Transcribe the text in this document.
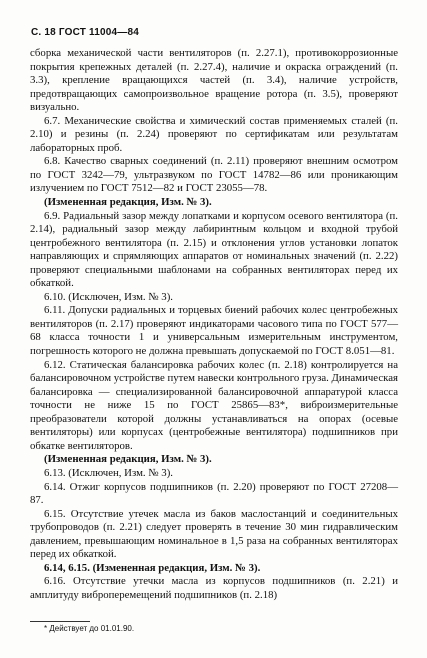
С. 18 ГОСТ 11004—84

сборка механической части вентиляторов (п. 2.27.1), противокоррозионные покрытия крепежных деталей (п. 2.27.4), наличие и окраска ограждений (п. 3.3), крепление вращающихся частей (п. 3.4), наличие устройств, предотвращающих самопроизвольное вращение ротора (п. 3.5), проверяют визуально.

6.7. Механические свойства и химический состав применяемых сталей (п. 2.10) и резины (п. 2.24) проверяют по сертификатам или результатам лабораторных проб.

6.8. Качество сварных соединений (п. 2.11) проверяют внешним осмотром по ГОСТ 3242—79, ультразвуком по ГОСТ 14782—86 или проникающим излучением по ГОСТ 7512—82 и ГОСТ 23055—78.

(Измененная редакция, Изм. № 3).

6.9. Радиальный зазор между лопатками и корпусом осевого вентилятора (п. 2.14), радиальный зазор между лабиринтным кольцом и входной трубой центробежного вентилятора (п. 2.15) и отклонения углов установки лопаток направляющих и спрямляющих аппаратов от номинальных значений (п. 2.22) проверяют специальными шаблонами на собранных вентиляторах перед их обкаткой.

6.10. (Исключен, Изм. № 3).

6.11. Допуски радиальных и торцевых биений рабочих колес центробежных вентиляторов (п. 2.17) проверяют индикаторами часового типа по ГОСТ 577—68 класса точности 1 и универсальным измерительным инструментом, погрешность которого не должна превышать допускаемой по ГОСТ 8.051—81.

6.12. Статическая балансировка рабочих колес (п. 2.18) контролируется на балансировочном устройстве путем навески контрольного груза. Динамическая балансировка — специализированной балансировочной аппаратурой класса точности не ниже 15 по ГОСТ 25865—83*, виброизмерительные преобразователи которой должны устанавливаться на опорах (осевые вентиляторы) или корпусах (центробежные вентилятора) подшипников при обкатке вентиляторов.

(Измененная редакция, Изм. № 3).

6.13. (Исключен, Изм. № 3).

6.14. Отжиг корпусов подшипников (п. 2.20) проверяют по ГОСТ 27208—87.

6.15. Отсутствие утечек масла из баков маслостанций и соединительных трубопроводов (п. 2.21) следует проверять в течение 30 мин гидравлическим давлением, превышающим номинальное в 1,5 раза на собранных вентиляторах перед их обкаткой.

6.14, 6.15. (Измененная редакция, Изм. № 3).

6.16. Отсутствие утечки масла из корпусов подшипников (п. 2.21) и амплитуду виброперемещений подшипников (п. 2.18)

* Действует до 01.01.90.
